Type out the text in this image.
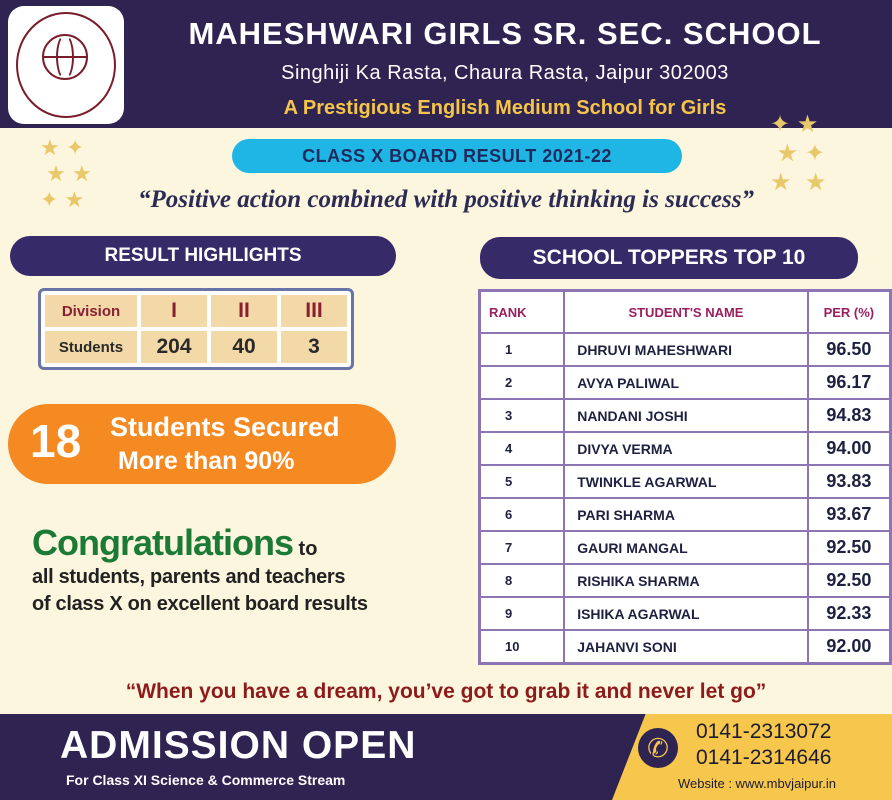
MAHESHWARI GIRLS SR. SEC. SCHOOL
Singhiji Ka Rasta, Chaura Rasta, Jaipur 302003
A Prestigious English Medium School for Girls
★ ✦
★ ★
✦ ★
✦ ★
★ ✦
★  ★
CLASS X BOARD RESULT 2021-22
“Positive action combined with positive thinking is success”
RESULT HIGHLIGHTS
Division	I	II	III
Students	204	40	3
18 Students Secured
More than 90%
Congratulations to
all students, parents and teachers
of class X on excellent board results
SCHOOL TOPPERS TOP 10
RANK	STUDENT'S NAME	PER (%)
1	DHRUVI MAHESHWARI	96.50
2	AVYA PALIWAL	96.17
3	NANDANI JOSHI	94.83
4	DIVYA VERMA	94.00
5	TWINKLE AGARWAL	93.83
6	PARI SHARMA	93.67
7	GAURI MANGAL	92.50
8	RISHIKA SHARMA	92.50
9	ISHIKA AGARWAL	92.33
10	JAHANVI SONI	92.00
“When you have a dream, you’ve got to grab it and never let go”
ADMISSION OPEN
For Class XI Science & Commerce Stream
✆
0141-2313072
0141-2314646
Website : www.mbvjaipur.in
